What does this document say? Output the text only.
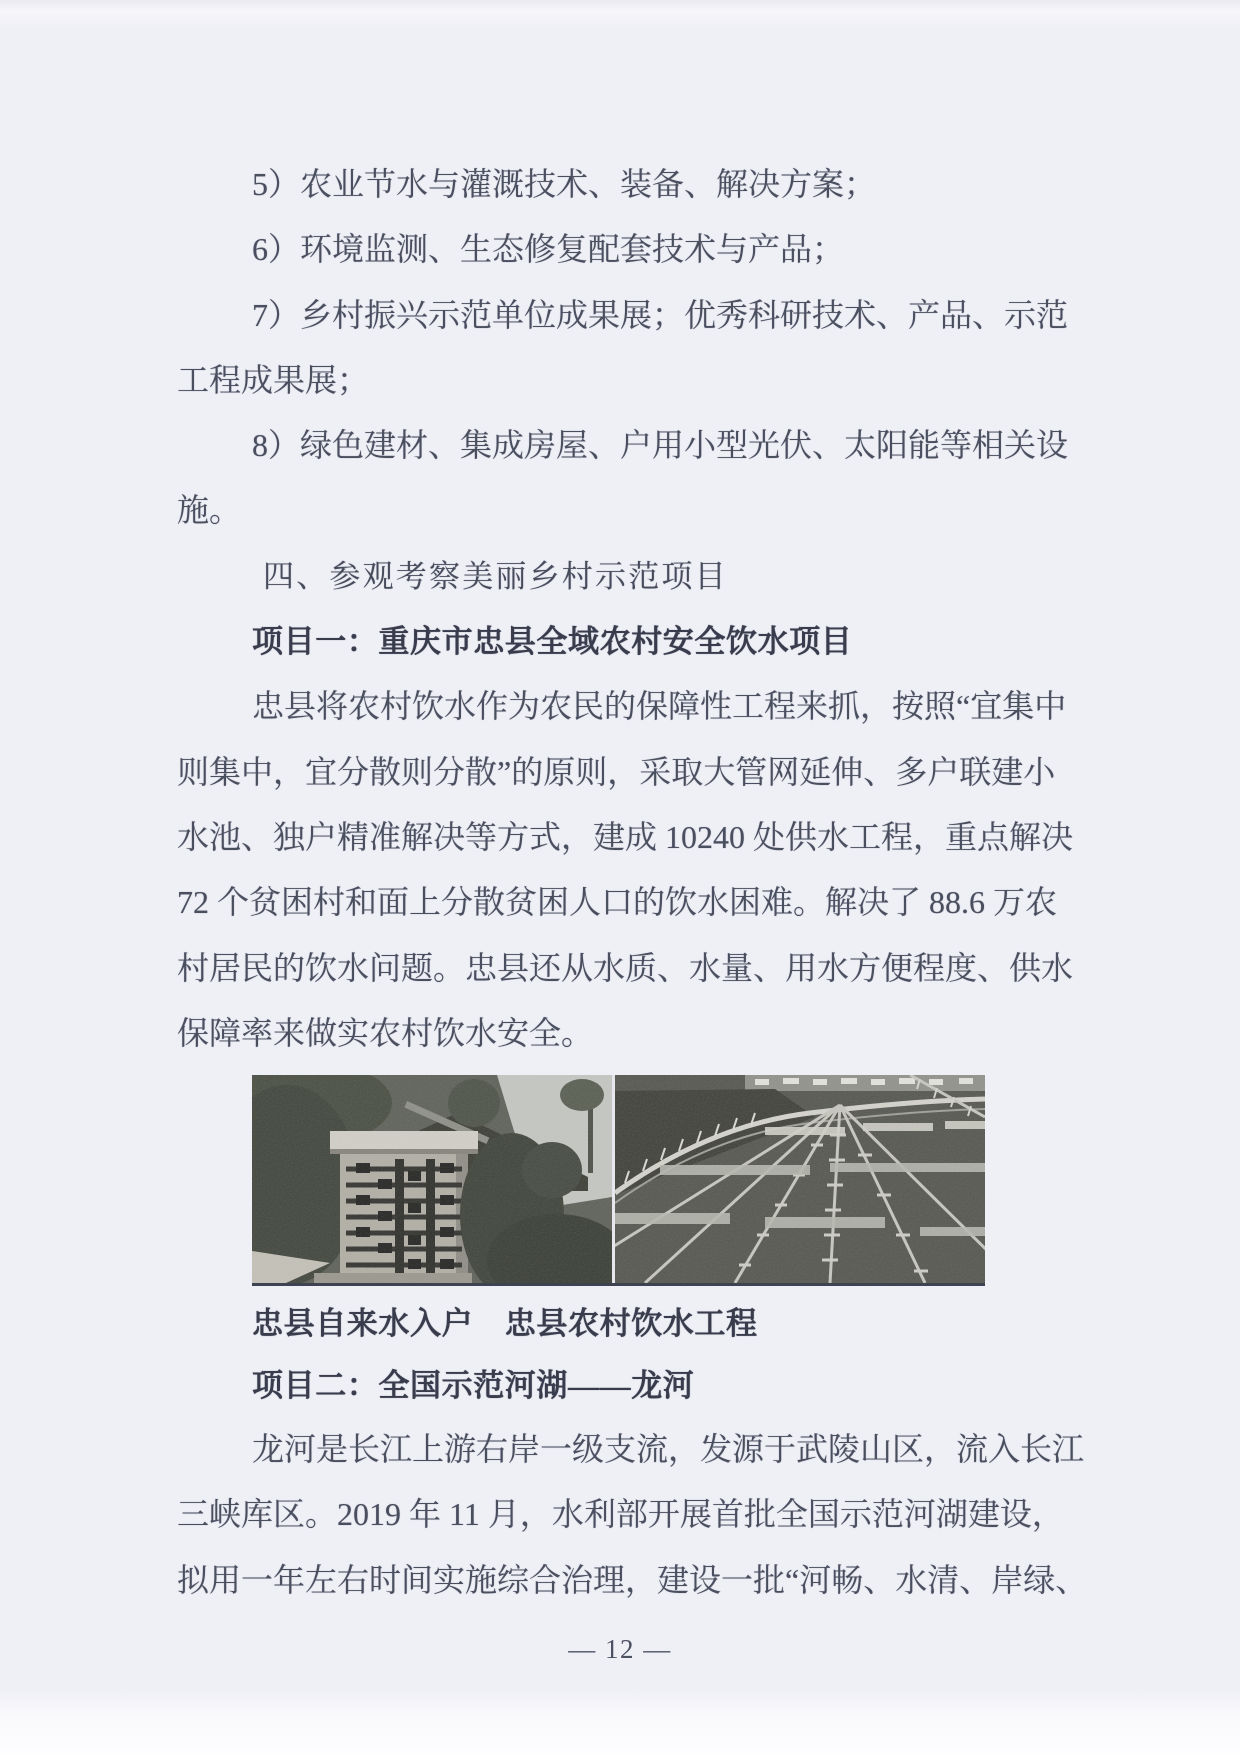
5）农业节水与灌溉技术、装备、解决方案；
6）环境监测、生态修复配套技术与产品；
7）乡村振兴示范单位成果展；优秀科研技术、产品、示范
工程成果展；
8）绿色建材、集成房屋、户用小型光伏、太阳能等相关设
施。
四、参观考察美丽乡村示范项目
项目一：重庆市忠县全域农村安全饮水项目
忠县将农村饮水作为农民的保障性工程来抓，按照“宜集中
则集中，宜分散则分散”的原则，采取大管网延伸、多户联建小
水池、独户精准解决等方式，建成 10240 处供水工程，重点解决
72 个贫困村和面上分散贫困人口的饮水困难。解决了 88.6 万农
村居民的饮水问题。忠县还从水质、水量、用水方便程度、供水
保障率来做实农村饮水安全。
忠县自来水入户　忠县农村饮水工程
项目二：全国示范河湖——龙河
龙河是长江上游右岸一级支流，发源于武陵山区，流入长江
三峡库区。2019 年 11 月，水利部开展首批全国示范河湖建设，
拟用一年左右时间实施综合治理，建设一批“河畅、水清、岸绿、
— 12 —
